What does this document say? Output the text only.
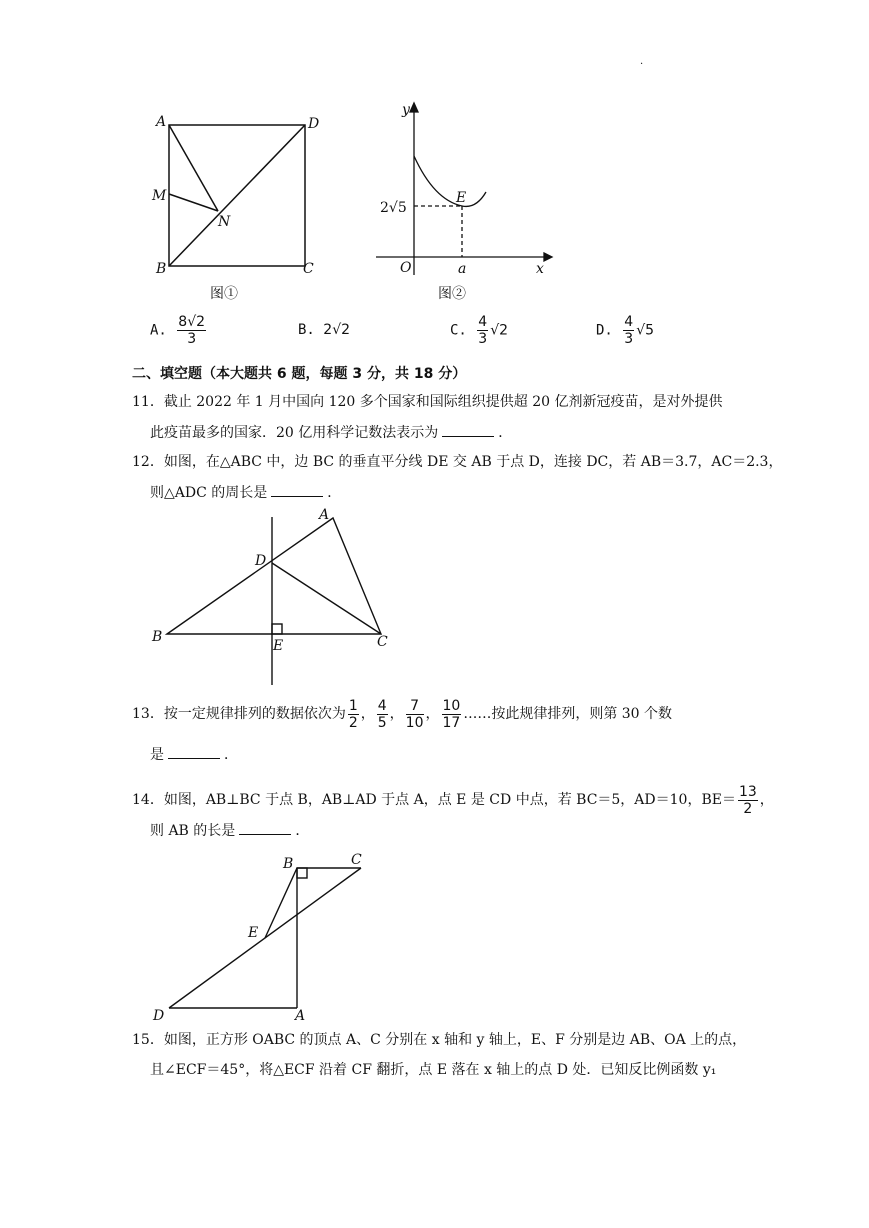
.
A	D
M
N
B	C
图①
y
x
O	a
E
2√5
图②
A. $\frac{8√2}{3}$	B. 2√2	C. $\frac{4}{3} √2$	D. $\frac{4}{3} √5$
二、填空题（本大题共 6 题，每题 3 分，共 18 分）
11．截止 2022 年 1 月中国向 120 多个国家和国际组织提供超 20 亿剂新冠疫苗，是对外提供
此疫苗最多的国家．20 亿用科学记数法表示为	．
12．如图，在△ABC 中，边 BC 的垂直平分线 DE 交 AB 于点 D，连接 DC，若 AB＝3.7，AC＝2.3，
则△ADC 的周长是	．
A
D
B
E	C
13．按一定规律排列的数据依次为 $\frac{1}{2}$ ， $\frac{4}{5}$ ， $\frac{7}{10}$ ， $\frac{10}{17}$ ……按此规律排列，则第 30 个数
是	．
14．如图，AB⊥BC 于点 B，AB⊥AD 于点 A，点 E 是 CD 中点，若 BC＝5，AD＝10，$BE= \frac{13}{2}$ ，
则 AB 的长是	．
B	C
E
D	A
15．如图，正方形 OABC 的顶点 A、C 分别在 x 轴和 y 轴上，E、F 分别是边 AB、OA 上的点，
且∠ECF＝45°，将△ECF 沿着 CF 翻折，点 E 落在 x 轴上的点 D 处．已知反比例函数 y₁
